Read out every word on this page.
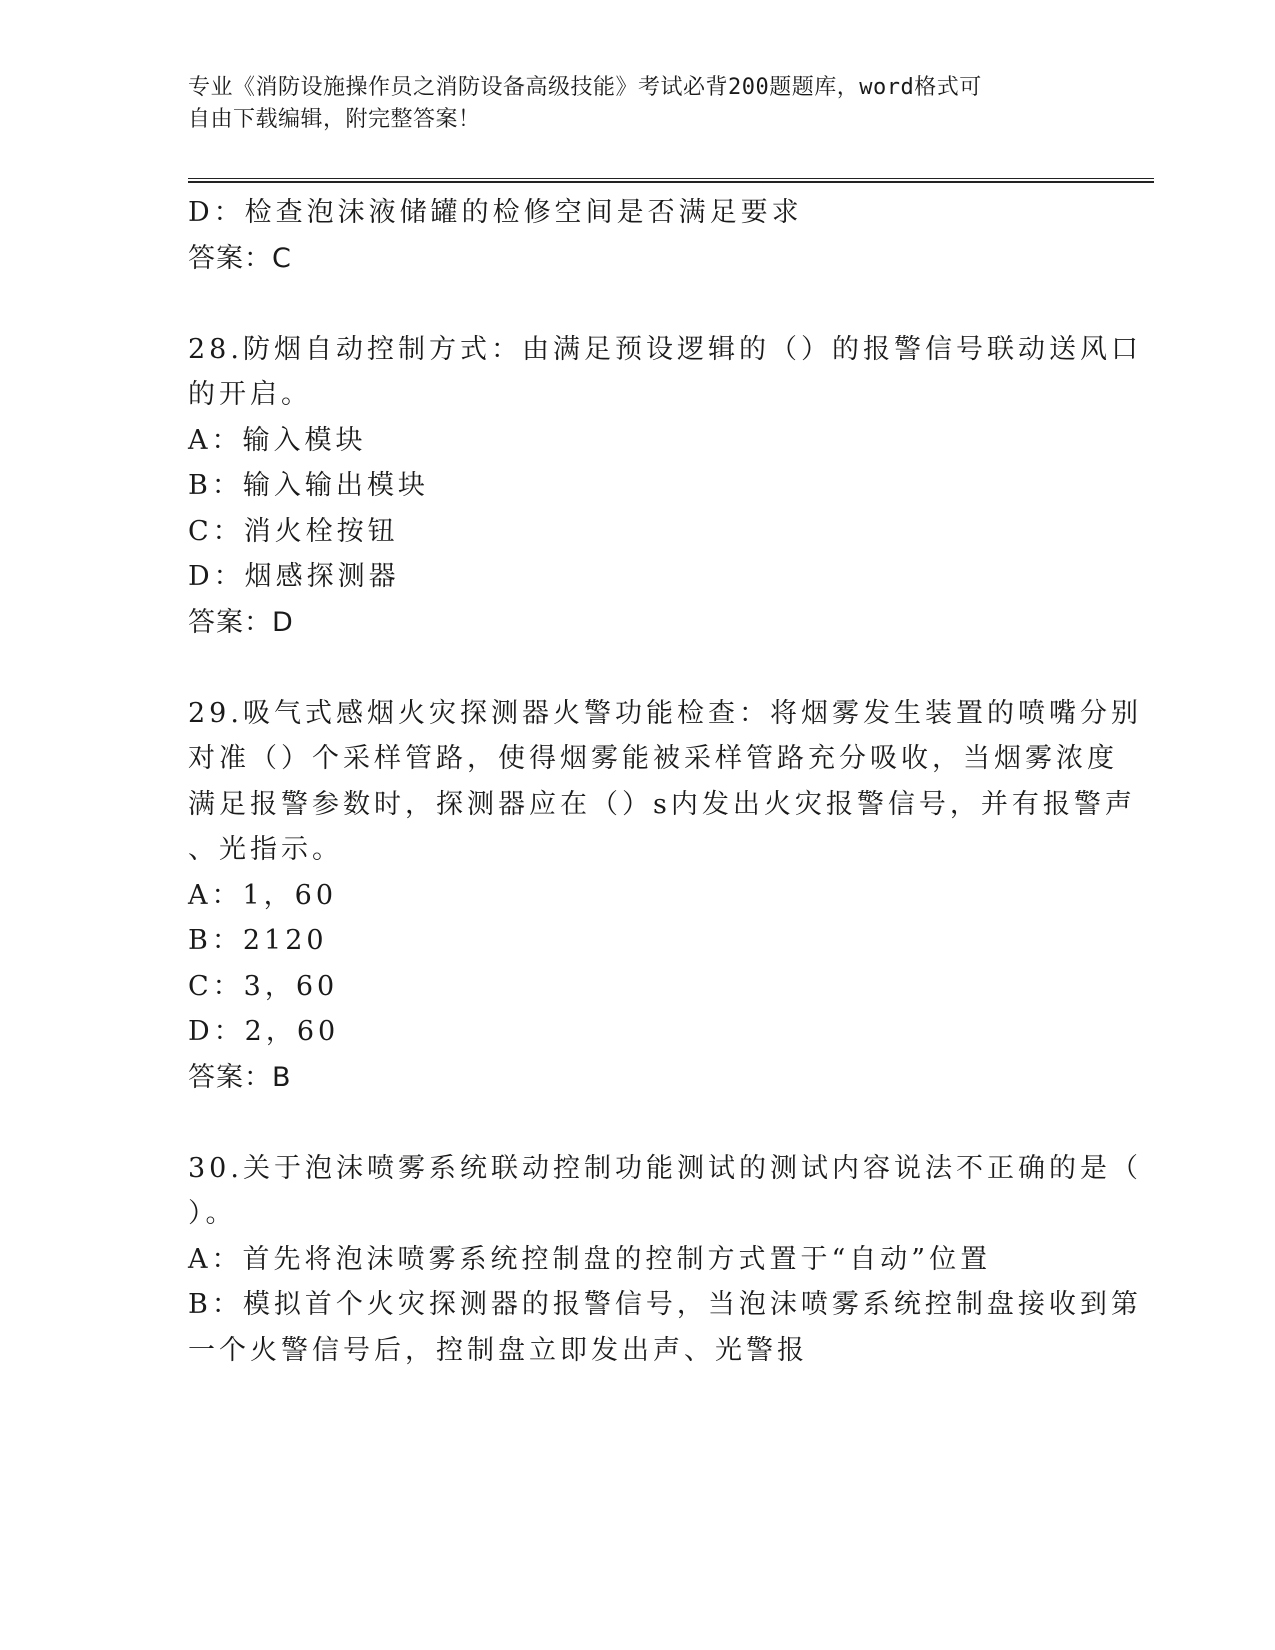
专业《消防设施操作员之消防设备高级技能》考试必背200题题库，word格式可
自由下载编辑，附完整答案！
D：检查泡沫液储罐的检修空间是否满足要求
答案：C
28.防烟自动控制方式：由满足预设逻辑的（）的报警信号联动送风口
的开启。
A：输入模块
B：输入输出模块
C：消火栓按钮
D：烟感探测器
答案：D
29.吸气式感烟火灾探测器火警功能检查：将烟雾发生装置的喷嘴分别
对准（）个采样管路，使得烟雾能被采样管路充分吸收，当烟雾浓度
满足报警参数时，探测器应在（）s内发出火灾报警信号，并有报警声
、光指示。
A：1，60
B：2120
C：3，60
D：2，60
答案：B
30.关于泡沫喷雾系统联动控制功能测试的测试内容说法不正确的是（
）。
A：首先将泡沫喷雾系统控制盘的控制方式置于“自动”位置
B：模拟首个火灾探测器的报警信号，当泡沫喷雾系统控制盘接收到第
一个火警信号后，控制盘立即发出声、光警报
